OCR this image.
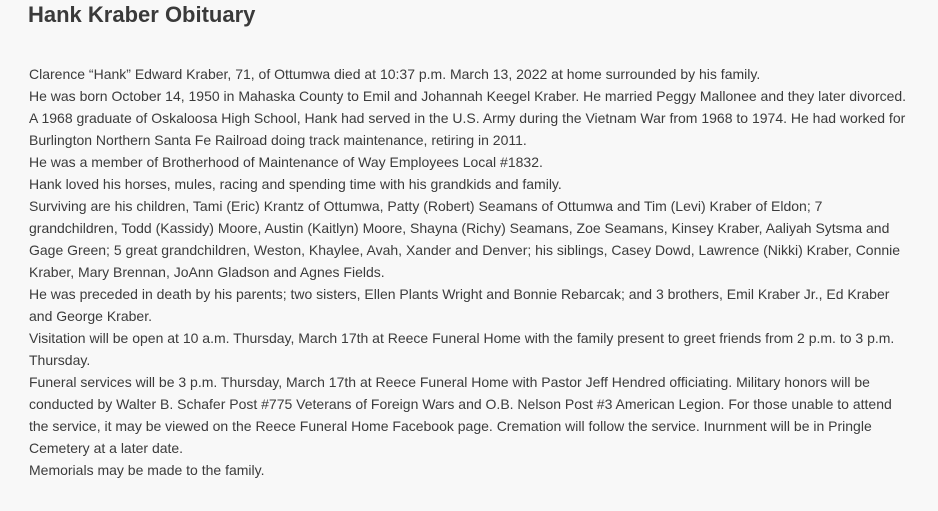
Hank Kraber Obituary

Clarence “Hank” Edward Kraber, 71, of Ottumwa died at 10:37 p.m. March 13, 2022 at home surrounded by his family.

He was born October 14, 1950 in Mahaska County to Emil and Johannah Keegel Kraber. He married Peggy Mallonee and they later divorced.

A 1968 graduate of Oskaloosa High School, Hank had served in the U.S. Army during the Vietnam War from 1968 to 1974. He had worked for Burlington Northern Santa Fe Railroad doing track maintenance, retiring in 2011.

He was a member of Brotherhood of Maintenance of Way Employees Local #1832.

Hank loved his horses, mules, racing and spending time with his grandkids and family.

Surviving are his children, Tami (Eric) Krantz of Ottumwa, Patty (Robert) Seamans of Ottumwa and Tim (Levi) Kraber of Eldon; 7 grandchildren, Todd (Kassidy) Moore, Austin (Kaitlyn) Moore, Shayna (Richy) Seamans, Zoe Seamans, Kinsey Kraber, Aaliyah Sytsma and Gage Green; 5 great grandchildren, Weston, Khaylee, Avah, Xander and Denver; his siblings, Casey Dowd, Lawrence (Nikki) Kraber, Connie Kraber, Mary Brennan, JoAnn Gladson and Agnes Fields.

He was preceded in death by his parents; two sisters, Ellen Plants Wright and Bonnie Rebarcak; and 3 brothers, Emil Kraber Jr., Ed Kraber and George Kraber.

Visitation will be open at 10 a.m. Thursday, March 17th at Reece Funeral Home with the family present to greet friends from 2 p.m. to 3 p.m. Thursday.

Funeral services will be 3 p.m. Thursday, March 17th at Reece Funeral Home with Pastor Jeff Hendred officiating. Military honors will be conducted by Walter B. Schafer Post #775 Veterans of Foreign Wars and O.B. Nelson Post #3 American Legion. For those unable to attend the service, it may be viewed on the Reece Funeral Home Facebook page. Cremation will follow the service. Inurnment will be in Pringle Cemetery at a later date.

Memorials may be made to the family.
